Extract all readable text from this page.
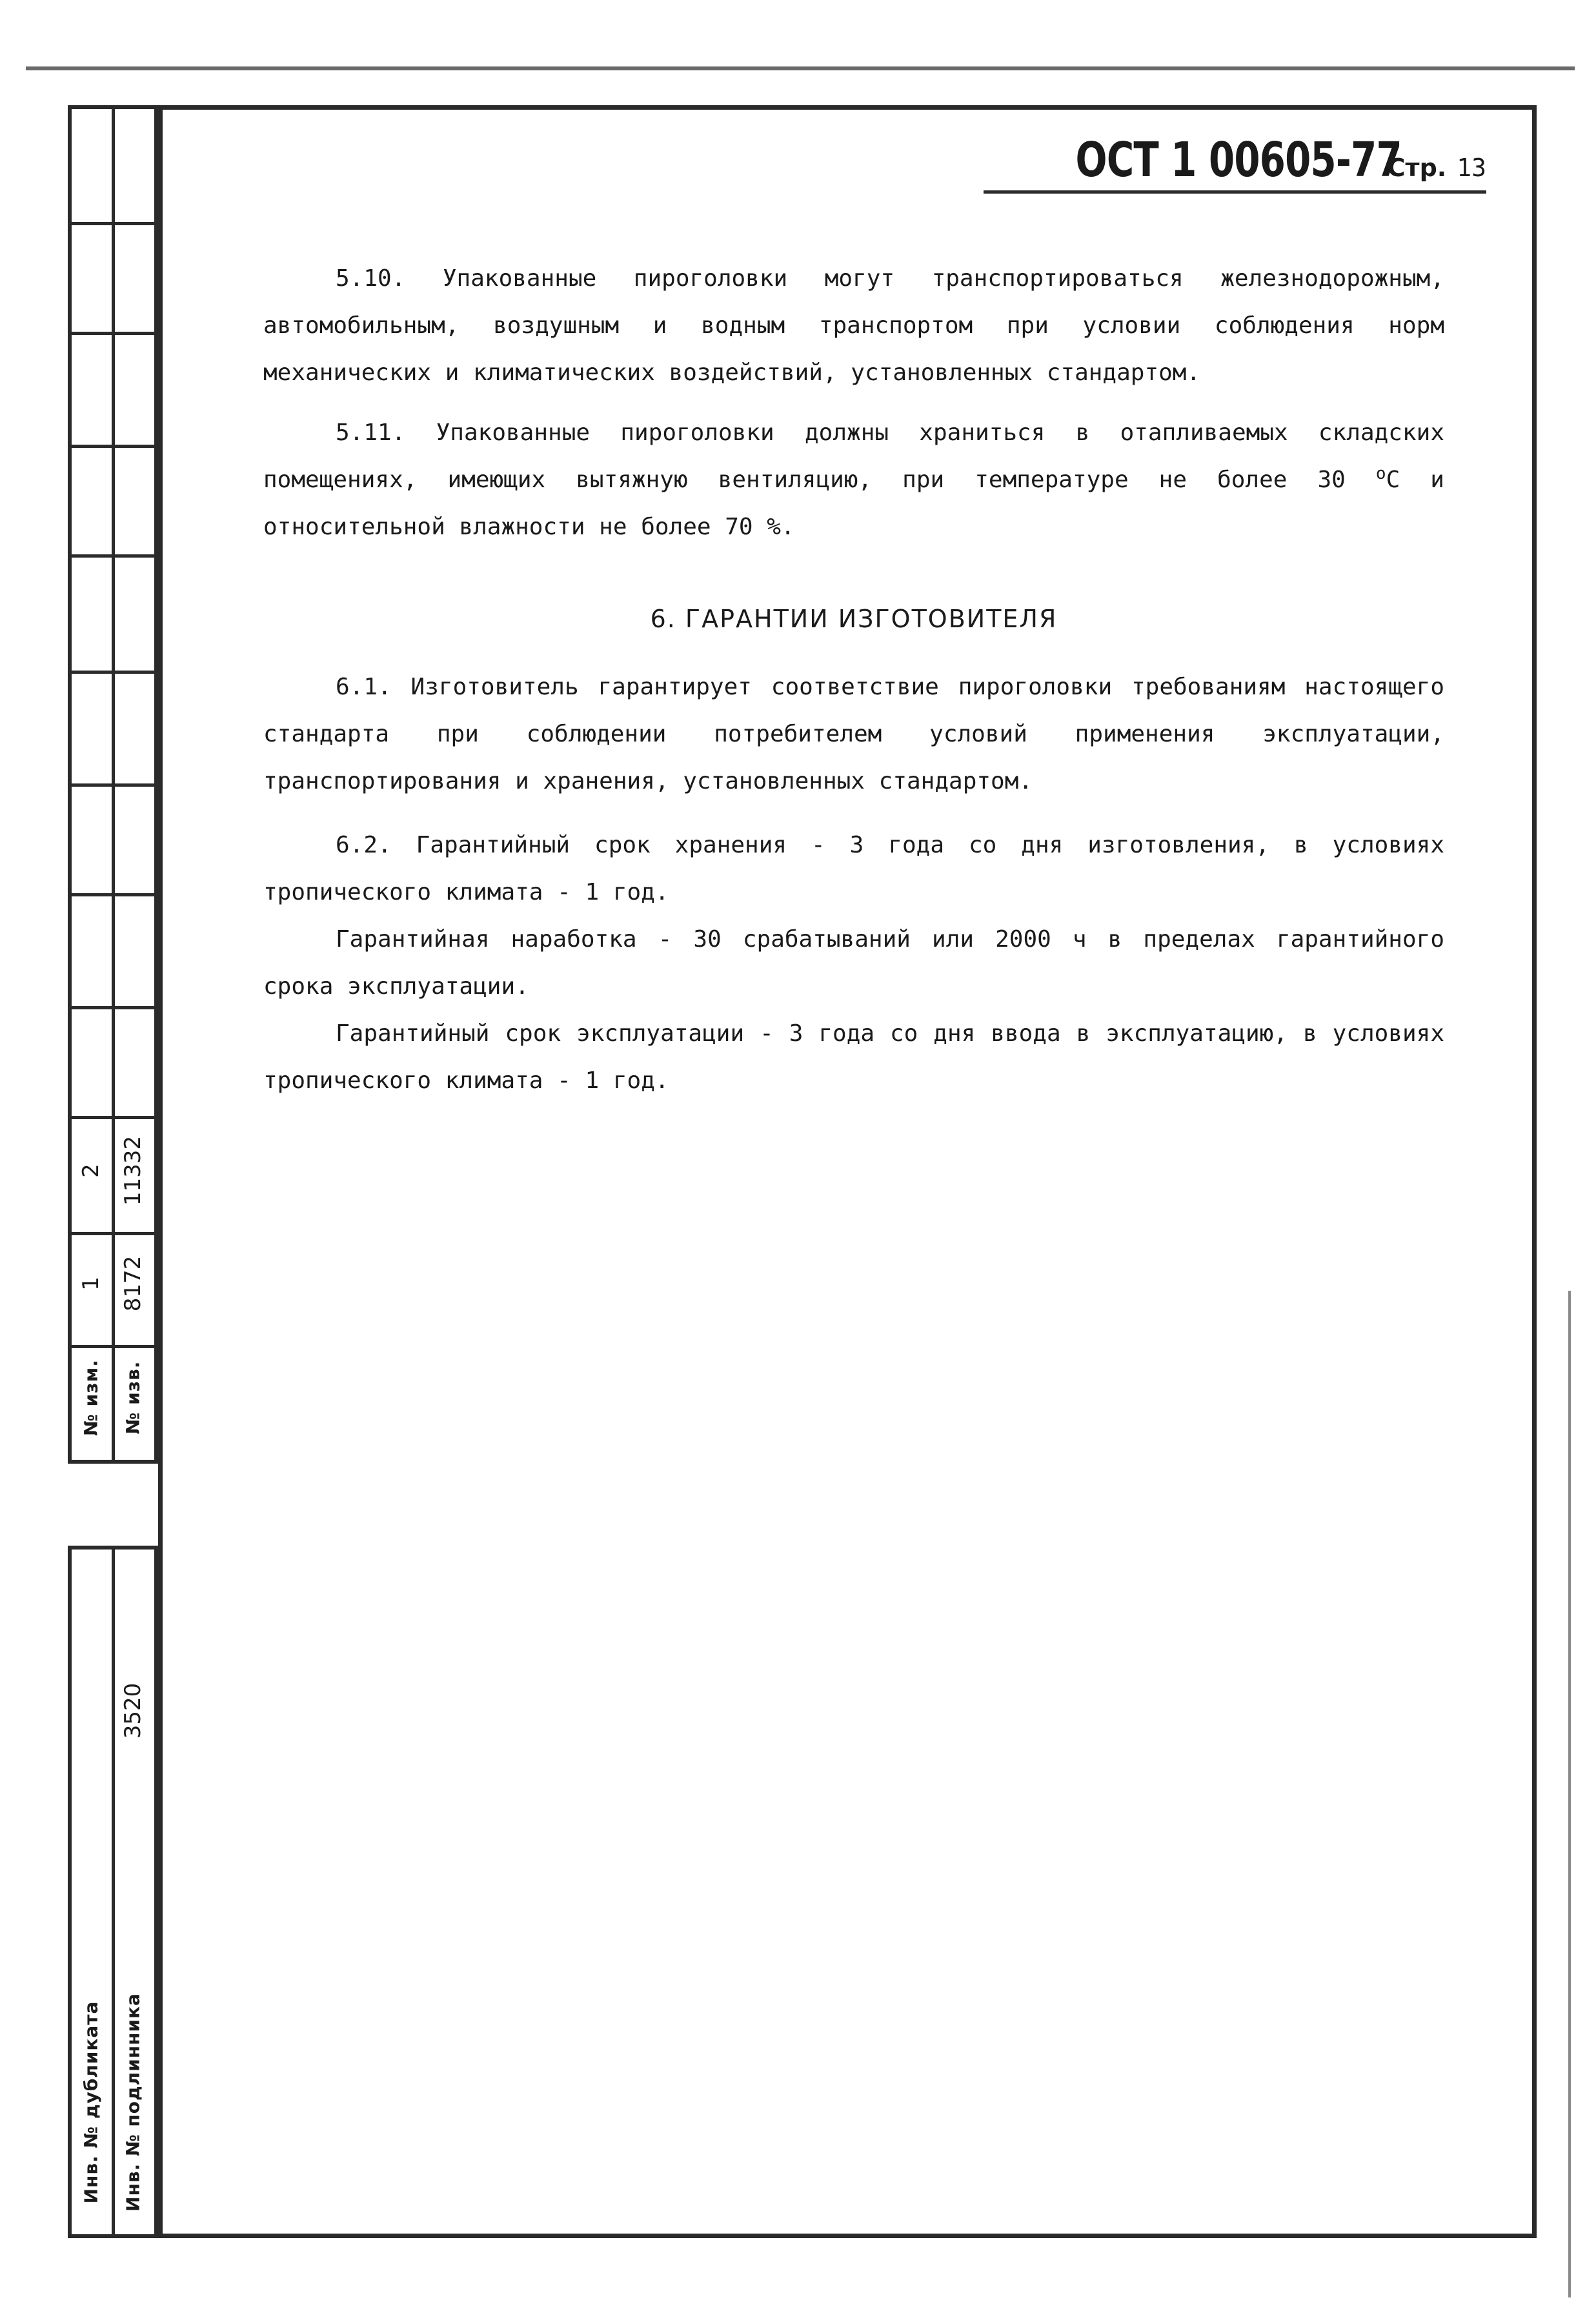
2 11332
1 8172
№ изм. № изв.
3520
Инв. № дубликата Инв. № подлинника
ОСТ 1 00605-77
Стр. 13

5.10. Упакованные пироголовки могут транспортироваться железнодорожным, автомобильным, воздушным и водным транспортом при условии соблюдения норм механических и климатических воздействий, установленных стандартом.

5.11. Упакованные пироголовки должны храниться в отапливаемых складских помещениях, имеющих вытяжную вентиляцию, при температуре не более 30 $^о$С и относительной влажности не более 70 %.

6. ГАРАНТИИ ИЗГОТОВИТЕЛЯ

6.1. Изготовитель гарантирует соответствие пироголовки требованиям настоящего стандарта при соблюдении потребителем условий применения эксплуатации, транспортирования и хранения, установленных стандартом.

6.2. Гарантийный срок хранения - 3 года со дня изготовления, в условиях тропического климата - 1 год.

Гарантийная наработка - 30 срабатываний или 2000 ч в пределах гарантийного срока эксплуатации.

Гарантийный срок эксплуатации - 3 года со дня ввода в эксплуатацию, в условиях тропического климата - 1 год.
